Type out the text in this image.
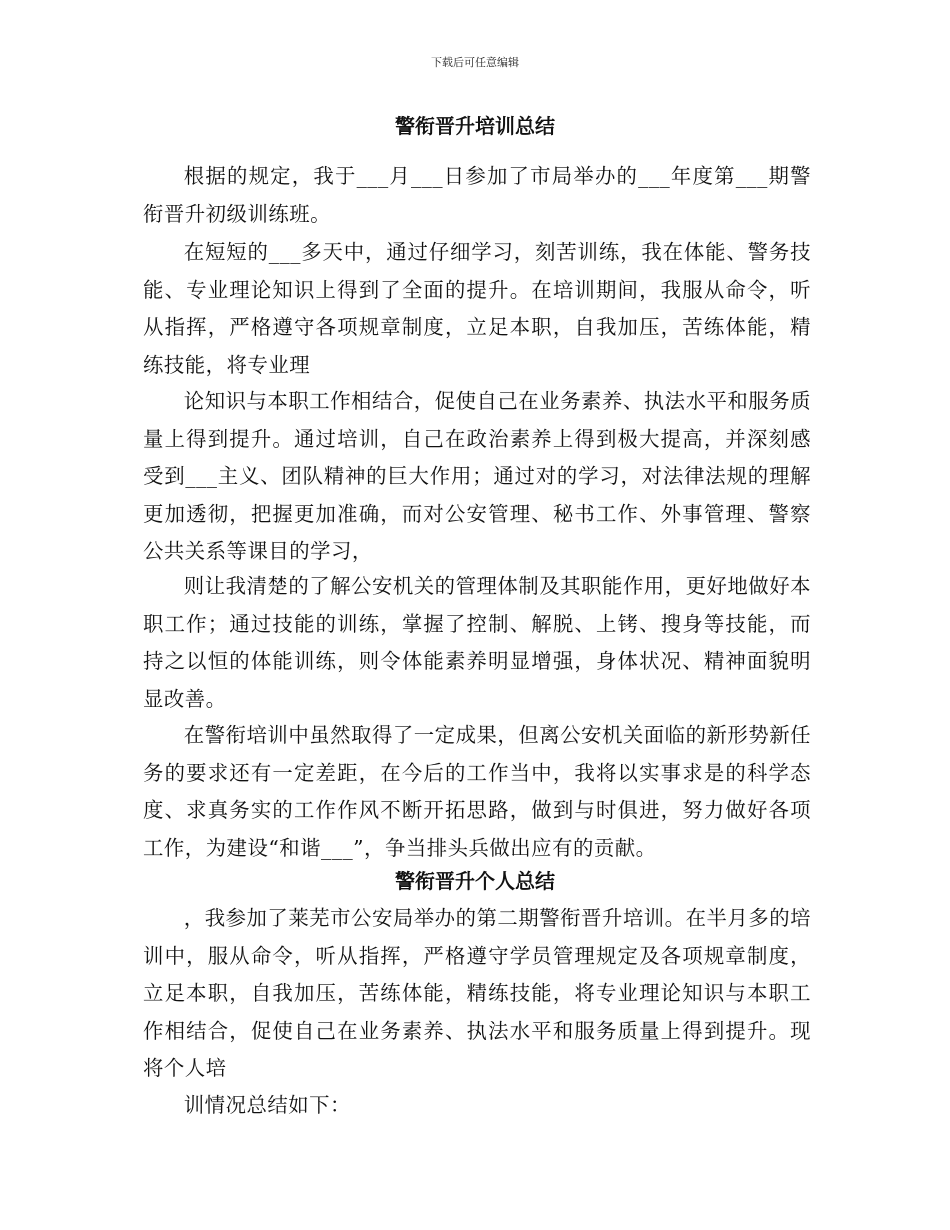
下载后可任意编辑
警衔晋升培训总结

根据的规定，我于___月___日参加了市局举办的___年度第___期警衔晋升初级训练班。

在短短的___多天中，通过仔细学习，刻苦训练，我在体能、警务技能、专业理论知识上得到了全面的提升。在培训期间，我服从命令，听从指挥，严格遵守各项规章制度，立足本职，自我加压，苦练体能，精练技能，将专业理

论知识与本职工作相结合，促使自己在业务素养、执法水平和服务质量上得到提升。通过培训，自己在政治素养上得到极大提高，并深刻感受到___主义、团队精神的巨大作用；通过对的学习，对法律法规的理解更加透彻，把握更加准确，而对公安管理、秘书工作、外事管理、警察公共关系等课目的学习，

则让我清楚的了解公安机关的管理体制及其职能作用，更好地做好本职工作；通过技能的训练，掌握了控制、解脱、上铐、搜身等技能，而持之以恒的体能训练，则令体能素养明显增强，身体状况、精神面貌明显改善。

在警衔培训中虽然取得了一定成果，但离公安机关面临的新形势新任务的要求还有一定差距，在今后的工作当中，我将以实事求是的科学态度、求真务实的工作作风不断开拓思路，做到与时俱进，努力做好各项工作，为建设“和谐___”，争当排头兵做出应有的贡献。

警衔晋升个人总结

，我参加了莱芜市公安局举办的第二期警衔晋升培训。在半月多的培训中，服从命令，听从指挥，严格遵守学员管理规定及各项规章制度，立足本职，自我加压，苦练体能，精练技能，将专业理论知识与本职工作相结合，促使自己在业务素养、执法水平和服务质量上得到提升。现将个人培

训情况总结如下：
